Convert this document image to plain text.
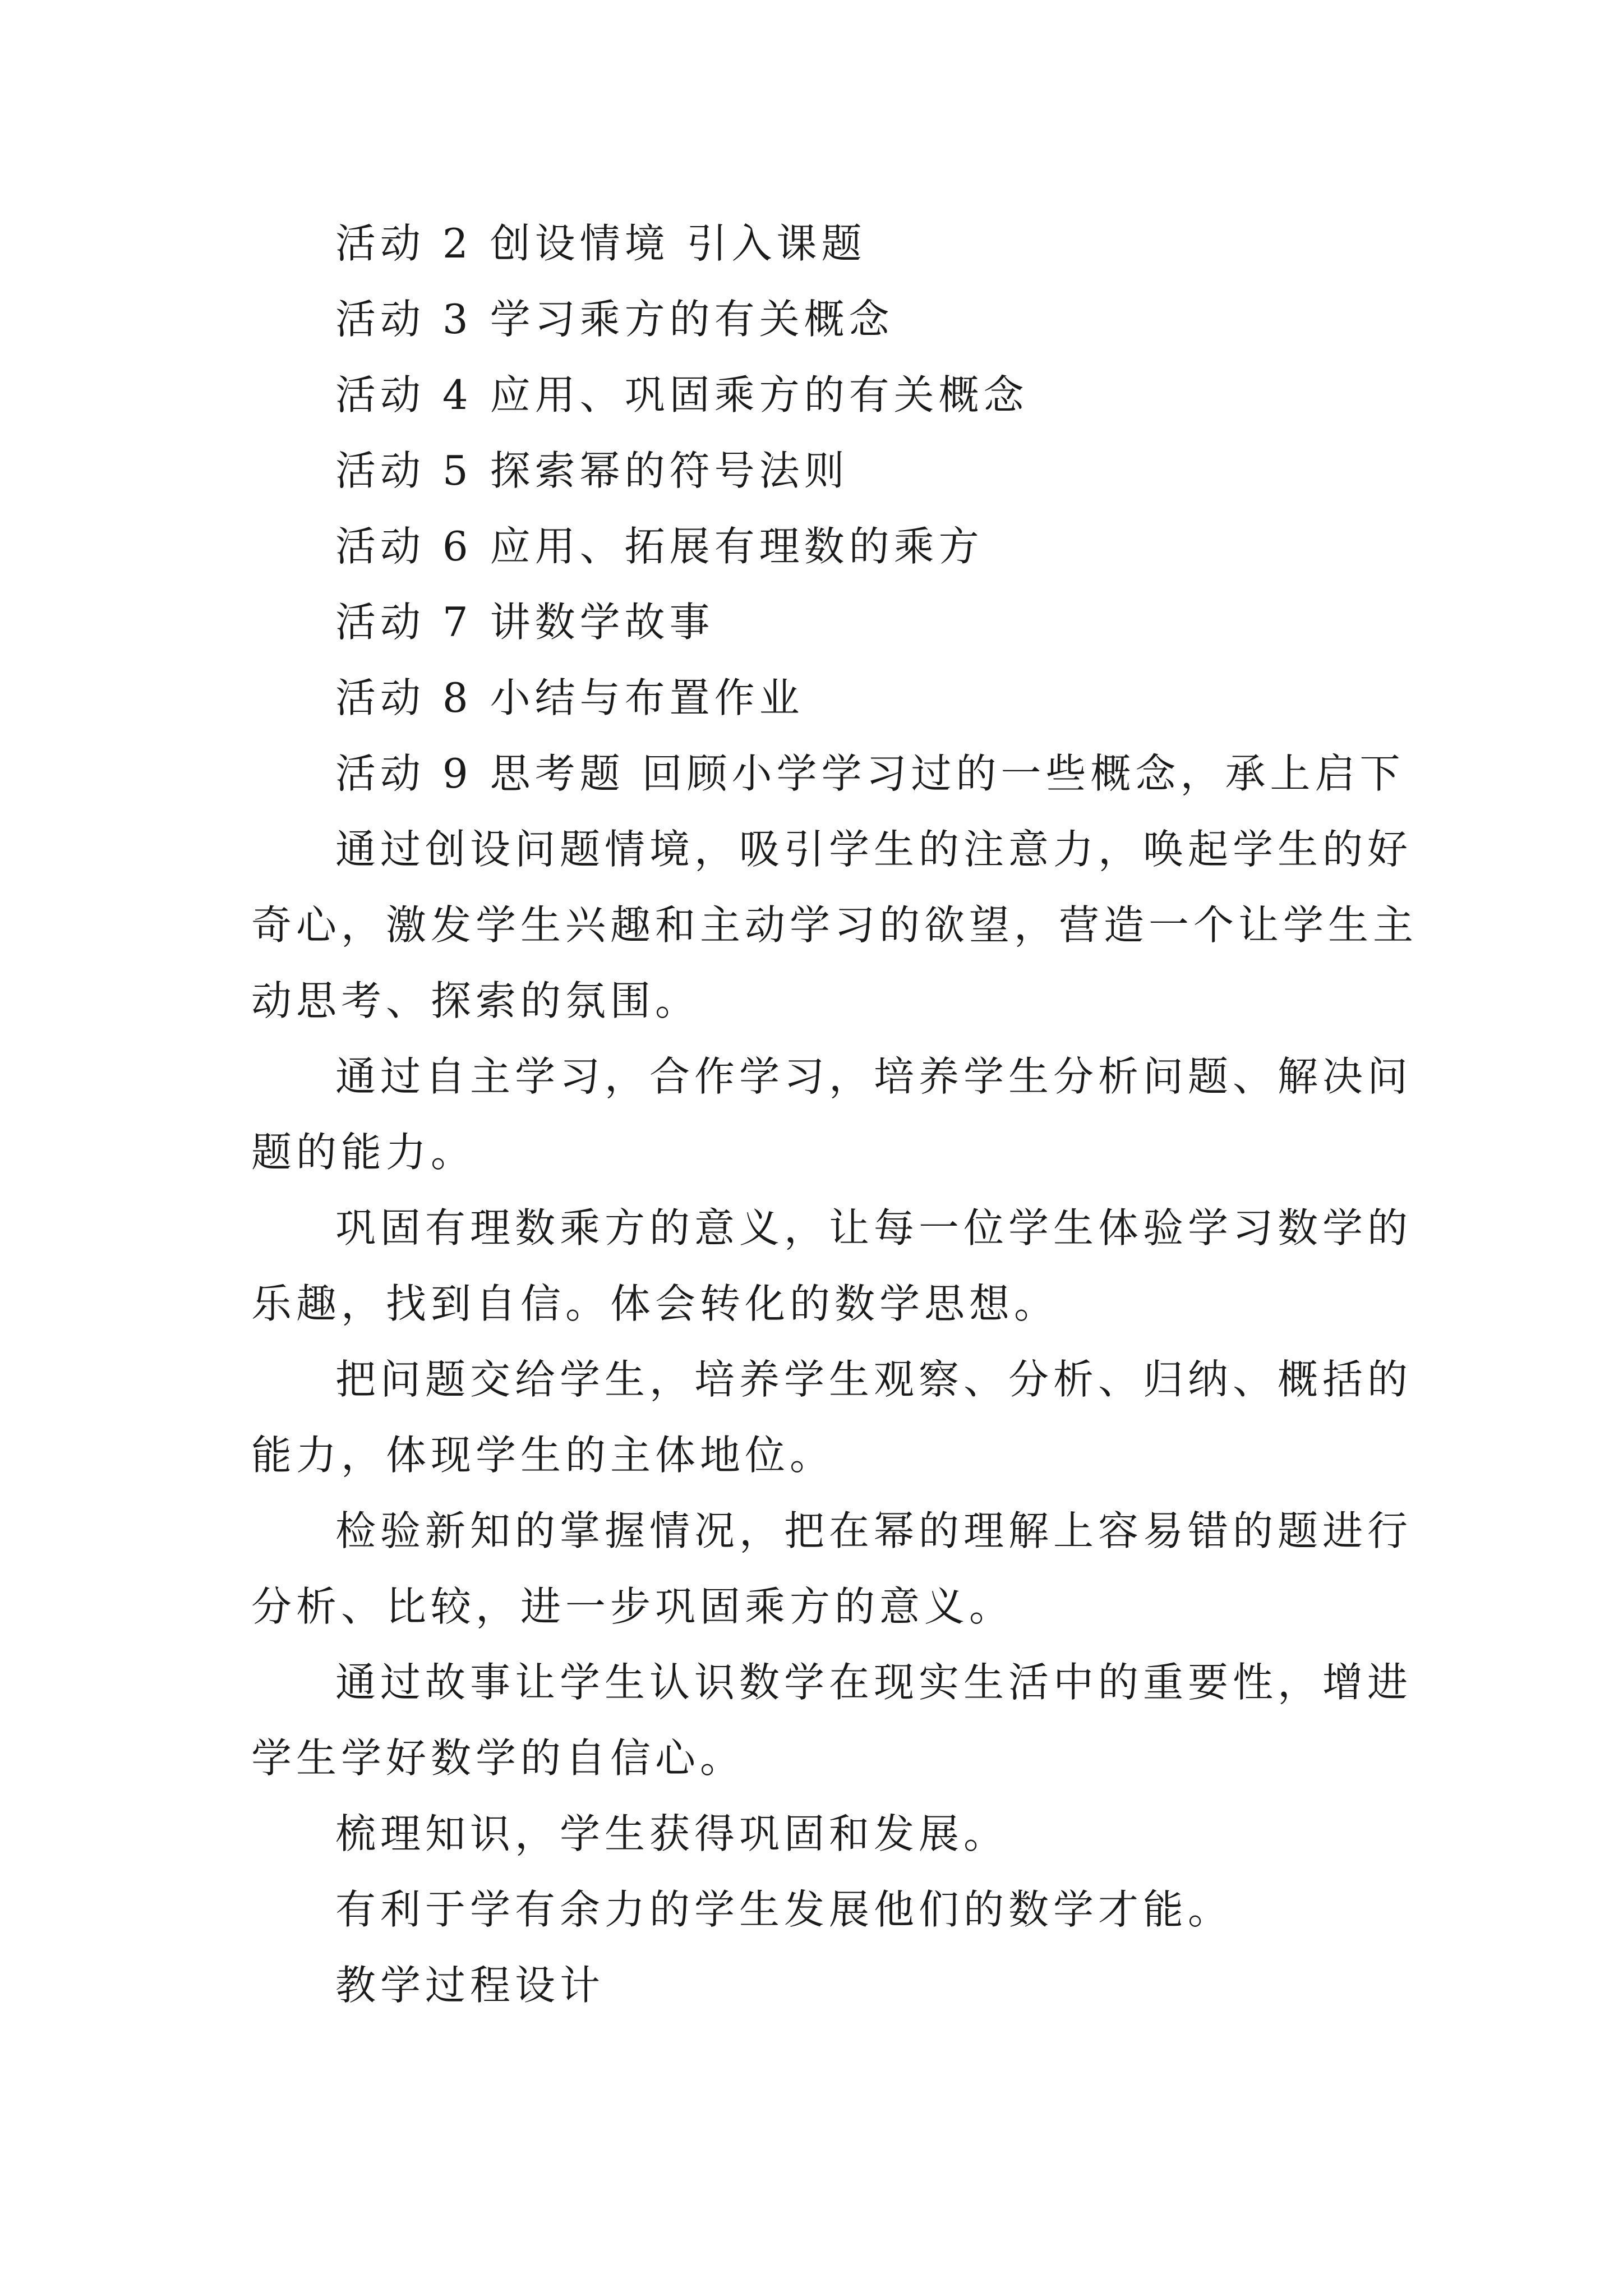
活动 2 创设情境 引入课题
活动 3 学习乘方的有关概念
活动 4 应用、巩固乘方的有关概念
活动 5 探索幂的符号法则
活动 6 应用、拓展有理数的乘方
活动 7 讲数学故事
活动 8 小结与布置作业
活动 9 思考题 回顾小学学习过的一些概念，承上启下
通过创设问题情境，吸引学生的注意力，唤起学生的好
奇心，激发学生兴趣和主动学习的欲望，营造一个让学生主
动思考、探索的氛围。
通过自主学习，合作学习，培养学生分析问题、解决问
题的能力。
巩固有理数乘方的意义，让每一位学生体验学习数学的
乐趣，找到自信。体会转化的数学思想。
把问题交给学生，培养学生观察、分析、归纳、概括的
能力，体现学生的主体地位。
检验新知的掌握情况，把在幂的理解上容易错的题进行
分析、比较，进一步巩固乘方的意义。
通过故事让学生认识数学在现实生活中的重要性，增进
学生学好数学的自信心。
梳理知识，学生获得巩固和发展。
有利于学有余力的学生发展他们的数学才能。
教学过程设计
